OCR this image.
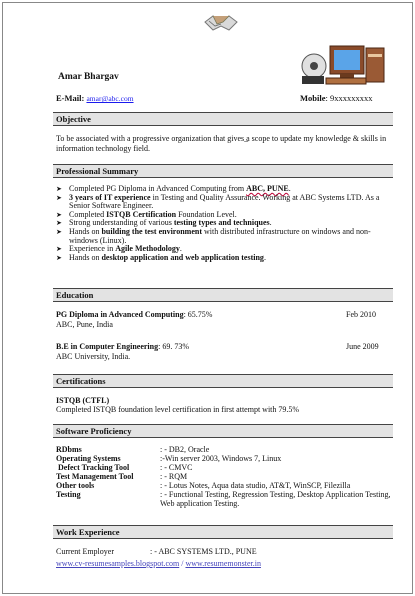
Amar Bhargav
E-Mail: amar@abc.com	Mobile: 9xxxxxxxxx
Objective
To be associated with a progressive organization that gives ̲a scope to update my knowledge & skills in information technology field.
Professional Summary
➤ Completed PG Diploma in Advanced Computing from ABC, PUNE.
➤ 3 years of IT experience in Testing and Quality Assurance. Working at ABC Systems LTD. As a Senior Software Engineer.
➤ Completed ISTQB Certification Foundation Level.
➤ Strong understanding of various testing types and techniques.
➤ Hands on building the test environment with distributed infrastructure on windows and non-windows (Linux).
➤ Experience in Agile Methodology.
➤ Hands on desktop application and web application testing.
Education
PG Diploma in Advanced Computing: 65.75%	Feb 2010
ABC, Pune, India
B.E in Computer Engineering: 69. 73%	June 2009
ABC University, India.
Certifications
ISTQB (CTFL)
Completed ISTQB foundation level certification in first attempt with 79.5%
Software Proficiency
RDbms	: - DB2, Oracle
Operating Systems	:-Win server 2003, Windows 7, Linux
Defect Tracking Tool	: - CMVC
Test Management Tool	: - RQM
Other tools	: - Lotus Notes, Aqua data studio, AT&T, WinSCP, Filezilla
Testing	: - Functional Testing, Regression Testing, Desktop Application Testing, Web application Testing.
Work Experience
Current Employer	: - ABC SYSTEMS LTD., PUNE
www.cv-resumesamples.blogspot.com / www.resumemonster.in
